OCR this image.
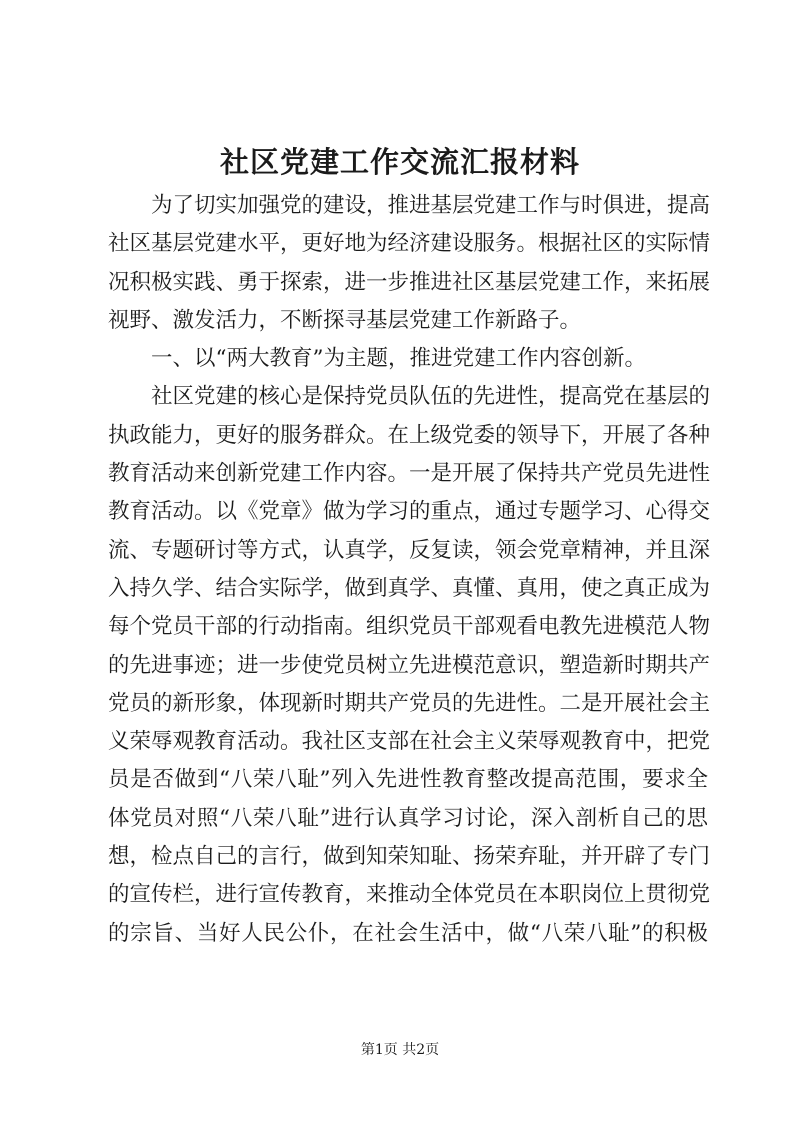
社区党建工作交流汇报材料
为了切实加强党的建设，推进基层党建工作与时俱进，提高
社区基层党建水平，更好地为经济建设服务。根据社区的实际情
况积极实践、勇于探索，进一步推进社区基层党建工作，来拓展
视野、激发活力，不断探寻基层党建工作新路子。
一、以“两大教育”为主题，推进党建工作内容创新。
社区党建的核心是保持党员队伍的先进性，提高党在基层的
执政能力，更好的服务群众。在上级党委的领导下，开展了各种
教育活动来创新党建工作内容。一是开展了保持共产党员先进性
教育活动。以《党章》做为学习的重点，通过专题学习、心得交
流、专题研讨等方式，认真学，反复读，领会党章精神，并且深
入持久学、结合实际学，做到真学、真懂、真用，使之真正成为
每个党员干部的行动指南。组织党员干部观看电教先进模范人物
的先进事迹；进一步使党员树立先进模范意识，塑造新时期共产
党员的新形象，体现新时期共产党员的先进性。二是开展社会主
义荣辱观教育活动。我社区支部在社会主义荣辱观教育中，把党
员是否做到“八荣八耻”列入先进性教育整改提高范围，要求全
体党员对照“八荣八耻”进行认真学习讨论，深入剖析自己的思
想，检点自己的言行，做到知荣知耻、扬荣弃耻，并开辟了专门
的宣传栏，进行宣传教育，来推动全体党员在本职岗位上贯彻党
的宗旨、当好人民公仆，在社会生活中，做“八荣八耻”的积极
第1页 共2页
